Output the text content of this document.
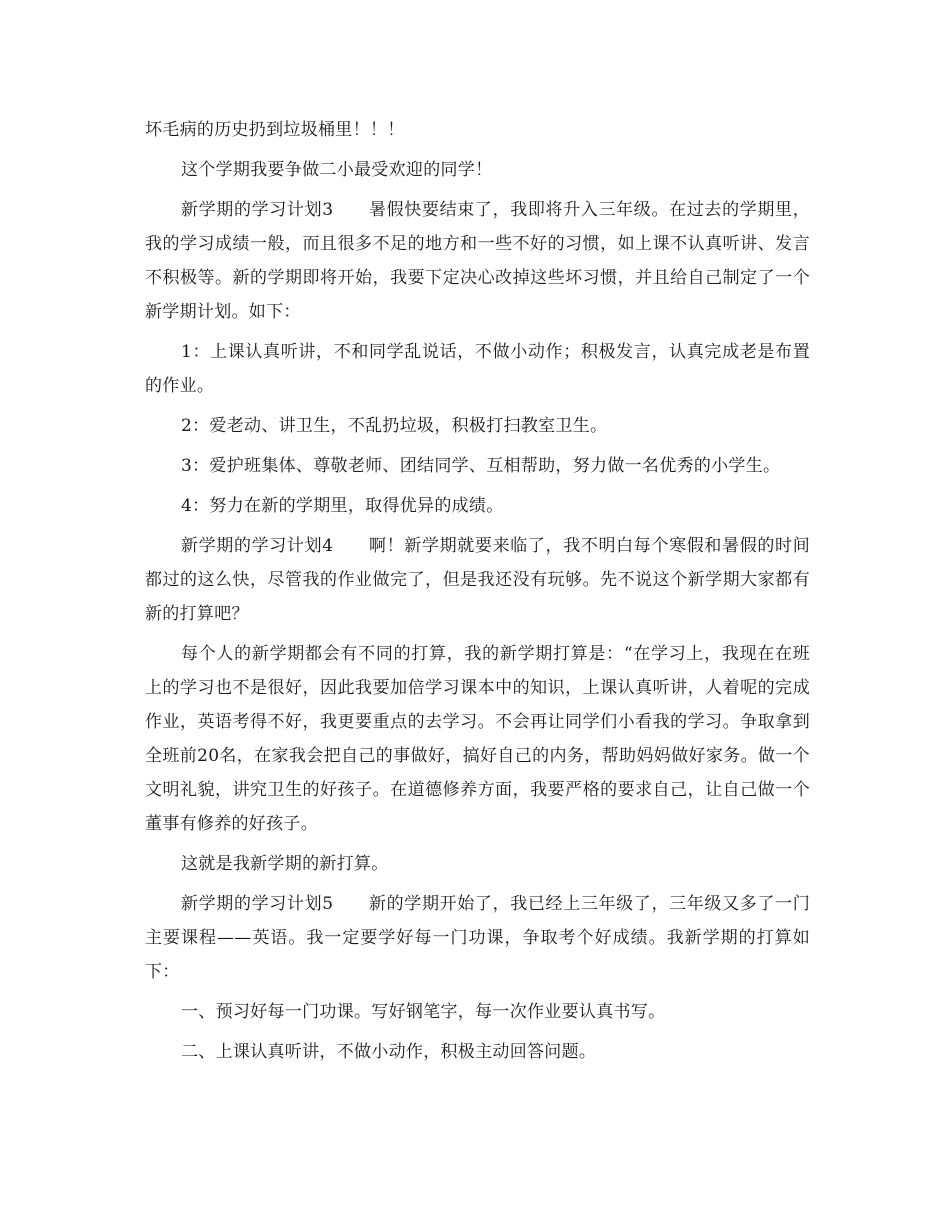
坏毛病的历史扔到垃圾桶里！！！

这个学期我要争做二小最受欢迎的同学！

新学期的学习计划3　　暑假快要结束了，我即将升入三年级。在过去的学期里，我的学习成绩一般，而且很多不足的地方和一些不好的习惯，如上课不认真听讲、发言不积极等。新的学期即将开始，我要下定决心改掉这些坏习惯，并且给自己制定了一个新学期计划。如下：

1：上课认真听讲，不和同学乱说话，不做小动作；积极发言，认真完成老是布置的作业。

2：爱老动、讲卫生，不乱扔垃圾，积极打扫教室卫生。

3：爱护班集体、尊敬老师、团结同学、互相帮助，努力做一名优秀的小学生。

4：努力在新的学期里，取得优异的成绩。

新学期的学习计划4　　啊！新学期就要来临了，我不明白每个寒假和暑假的时间都过的这么快，尽管我的作业做完了，但是我还没有玩够。先不说这个新学期大家都有新的打算吧？

每个人的新学期都会有不同的打算，我的新学期打算是：“在学习上，我现在在班上的学习也不是很好，因此我要加倍学习课本中的知识，上课认真听讲，人着呢的完成作业，英语考得不好，我更要重点的去学习。不会再让同学们小看我的学习。争取拿到全班前20名，在家我会把自己的事做好，搞好自己的内务，帮助妈妈做好家务。做一个文明礼貌，讲究卫生的好孩子。在道德修养方面，我要严格的要求自己，让自己做一个董事有修养的好孩子。

这就是我新学期的新打算。

新学期的学习计划5　　新的学期开始了，我已经上三年级了，三年级又多了一门主要课程——英语。我一定要学好每一门功课，争取考个好成绩。我新学期的打算如下：

一、预习好每一门功课。写好钢笔字，每一次作业要认真书写。

二、上课认真听讲，不做小动作，积极主动回答问题。
